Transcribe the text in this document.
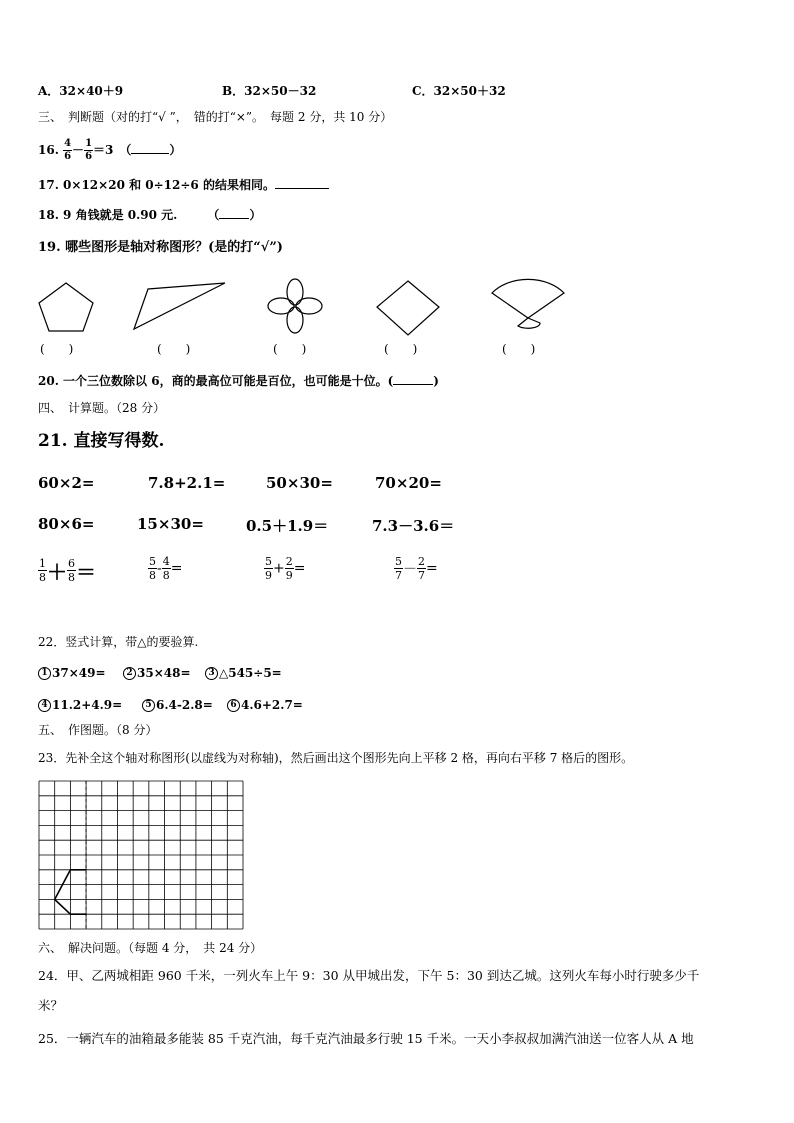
A．32×40＋9	B．32×50－32	C．32×50＋32
三、　判断题（对的打“√ ”，　错的打“×”。　每题 2 分，共 10 分）
16. $\frac{4}{6} - \frac{1}{6} =3$　（	）
17. 0×12×20 和 0÷12÷6 的结果相同。
18. 9 角钱就是 0.90 元.　　　（	）
19. 哪些图形是轴对称图形？(是的打“√”)
(　　)	(　　)	(　　)	(　　)	(　　)
20. 一个三位数除以 6，商的最高位可能是百位，也可能是十位。(	)
四、　计算题。（28 分）
21. 直接写得数.
60×2=	7.8+2.1=	50×30=	70×20=
80×6=	15×30=	0.5＋1.9＝	7.3－3.6＝
$\frac{1}{8} + \frac{6}{8}$ ＝	$\frac{5}{8} - \frac{4}{8}$ =	$\frac{5}{9} + \frac{2}{9}$ =	$\frac{5}{7} - \frac{2}{7}$ =
22．竖式计算，带△的要验算.
1 37×49=	2 35×48=	3 △545÷5=
4 11.2+4.9=	5 6.4-2.8=	6 4.6+2.7=
五、　作图题。（8 分）
23．先补全这个轴对称图形(以虚线为对称轴)，然后画出这个图形先向上平移 2 格，再向右平移 7 格后的图形。
六、　解决问题。（每题 4 分，　共 24 分）
24．甲、乙两城相距 960 千米，一列火车上午 9：30 从甲城出发，下午 5：30 到达乙城。这列火车每小时行驶多少千
米？
25．一辆汽车的油箱最多能装 85 千克汽油，每千克汽油最多行驶 15 千米。一天小李叔叔加满汽油送一位客人从 A 地
